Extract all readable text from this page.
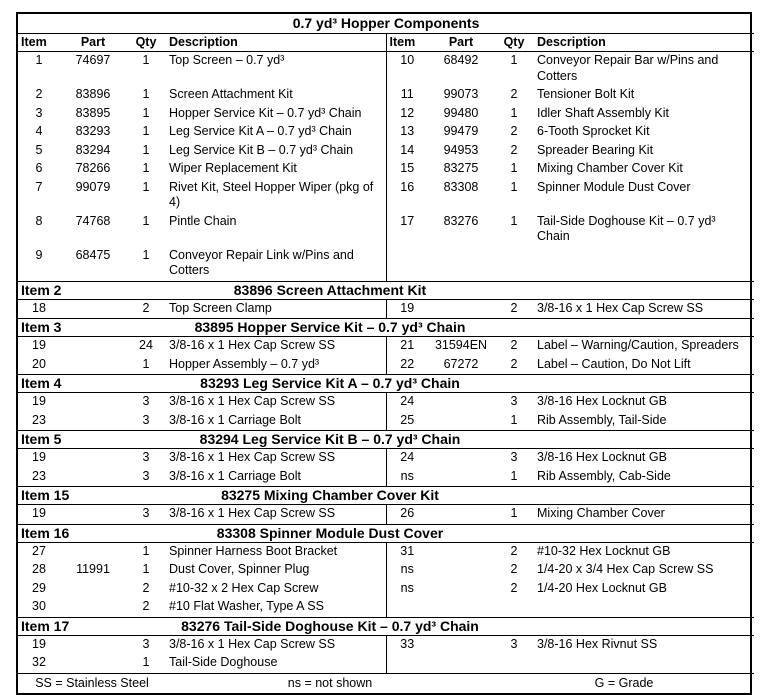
0.7 yd³ Hopper Components							
Item	Part	Qty	Description	Item	Part	Qty	Description
1	74697	1	Top Screen – 0.7 yd³	10	68492	1	Conveyor Repair Bar w/Pins and Cotters
2	83896	1	Screen Attachment Kit	11	99073	2	Tensioner Bolt Kit
3	83895	1	Hopper Service Kit – 0.7 yd³ Chain	12	99480	1	Idler Shaft Assembly Kit
4	83293	1	Leg Service Kit A – 0.7 yd³ Chain	13	99479	2	6-Tooth Sprocket Kit
5	83294	1	Leg Service Kit B – 0.7 yd³ Chain	14	94953	2	Spreader Bearing Kit
6	78266	1	Wiper Replacement Kit	15	83275	1	Mixing Chamber Cover Kit
7	99079	1	Rivet Kit, Steel Hopper Wiper (pkg of 4)	16	83308	1	Spinner Module Dust Cover
8	74768	1	Pintle Chain	17	83276	1	Tail-Side Doghouse Kit – 0.7 yd³ Chain
9	68475	1	Conveyor Repair Link w/Pins and Cotters				
Item 2		83896 Screen Attachment Kit					
18		2	Top Screen Clamp	19		2	3/8-16 x 1 Hex Cap Screw SS
Item 3		83895 Hopper Service Kit – 0.7 yd³ Chain					
19		24	3/8-16 x 1 Hex Cap Screw SS	21	31594EN	2	Label – Warning/Caution, Spreaders
20		1	Hopper Assembly – 0.7 yd³	22	67272	2	Label – Caution, Do Not Lift
Item 4		83293 Leg Service Kit A – 0.7 yd³ Chain					
19		3	3/8-16 x 1 Hex Cap Screw SS	24		3	3/8-16 Hex Locknut GB
23		3	3/8-16 x 1 Carriage Bolt	25		1	Rib Assembly, Tail-Side
Item 5		83294 Leg Service Kit B – 0.7 yd³ Chain					
19		3	3/8-16 x 1 Hex Cap Screw SS	24		3	3/8-16 Hex Locknut GB
23		3	3/8-16 x 1 Carriage Bolt	ns		1	Rib Assembly, Cab-Side
Item 15		83275 Mixing Chamber Cover Kit					
19		3	3/8-16 x 1 Hex Cap Screw SS	26		1	Mixing Chamber Cover
Item 16		83308 Spinner Module Dust Cover					
27		1	Spinner Harness Boot Bracket	31		2	#10-32 Hex Locknut GB
28	11991	1	Dust Cover, Spinner Plug	ns		2	1/4-20 x 3/4 Hex Cap Screw SS
29		2	#10-32 x 2 Hex Cap Screw	ns		2	1/4-20 Hex Locknut GB
30		2	#10 Flat Washer, Type A SS				
Item 17		83276 Tail-Side Doghouse Kit – 0.7 yd³ Chain					
19		3	3/8-16 x 1 Hex Cap Screw SS	33		3	3/8-16 Hex Rivnut SS
32		1	Tail-Side Doghouse				
SS = Stainless Steel			ns = not shown			G = Grade	
